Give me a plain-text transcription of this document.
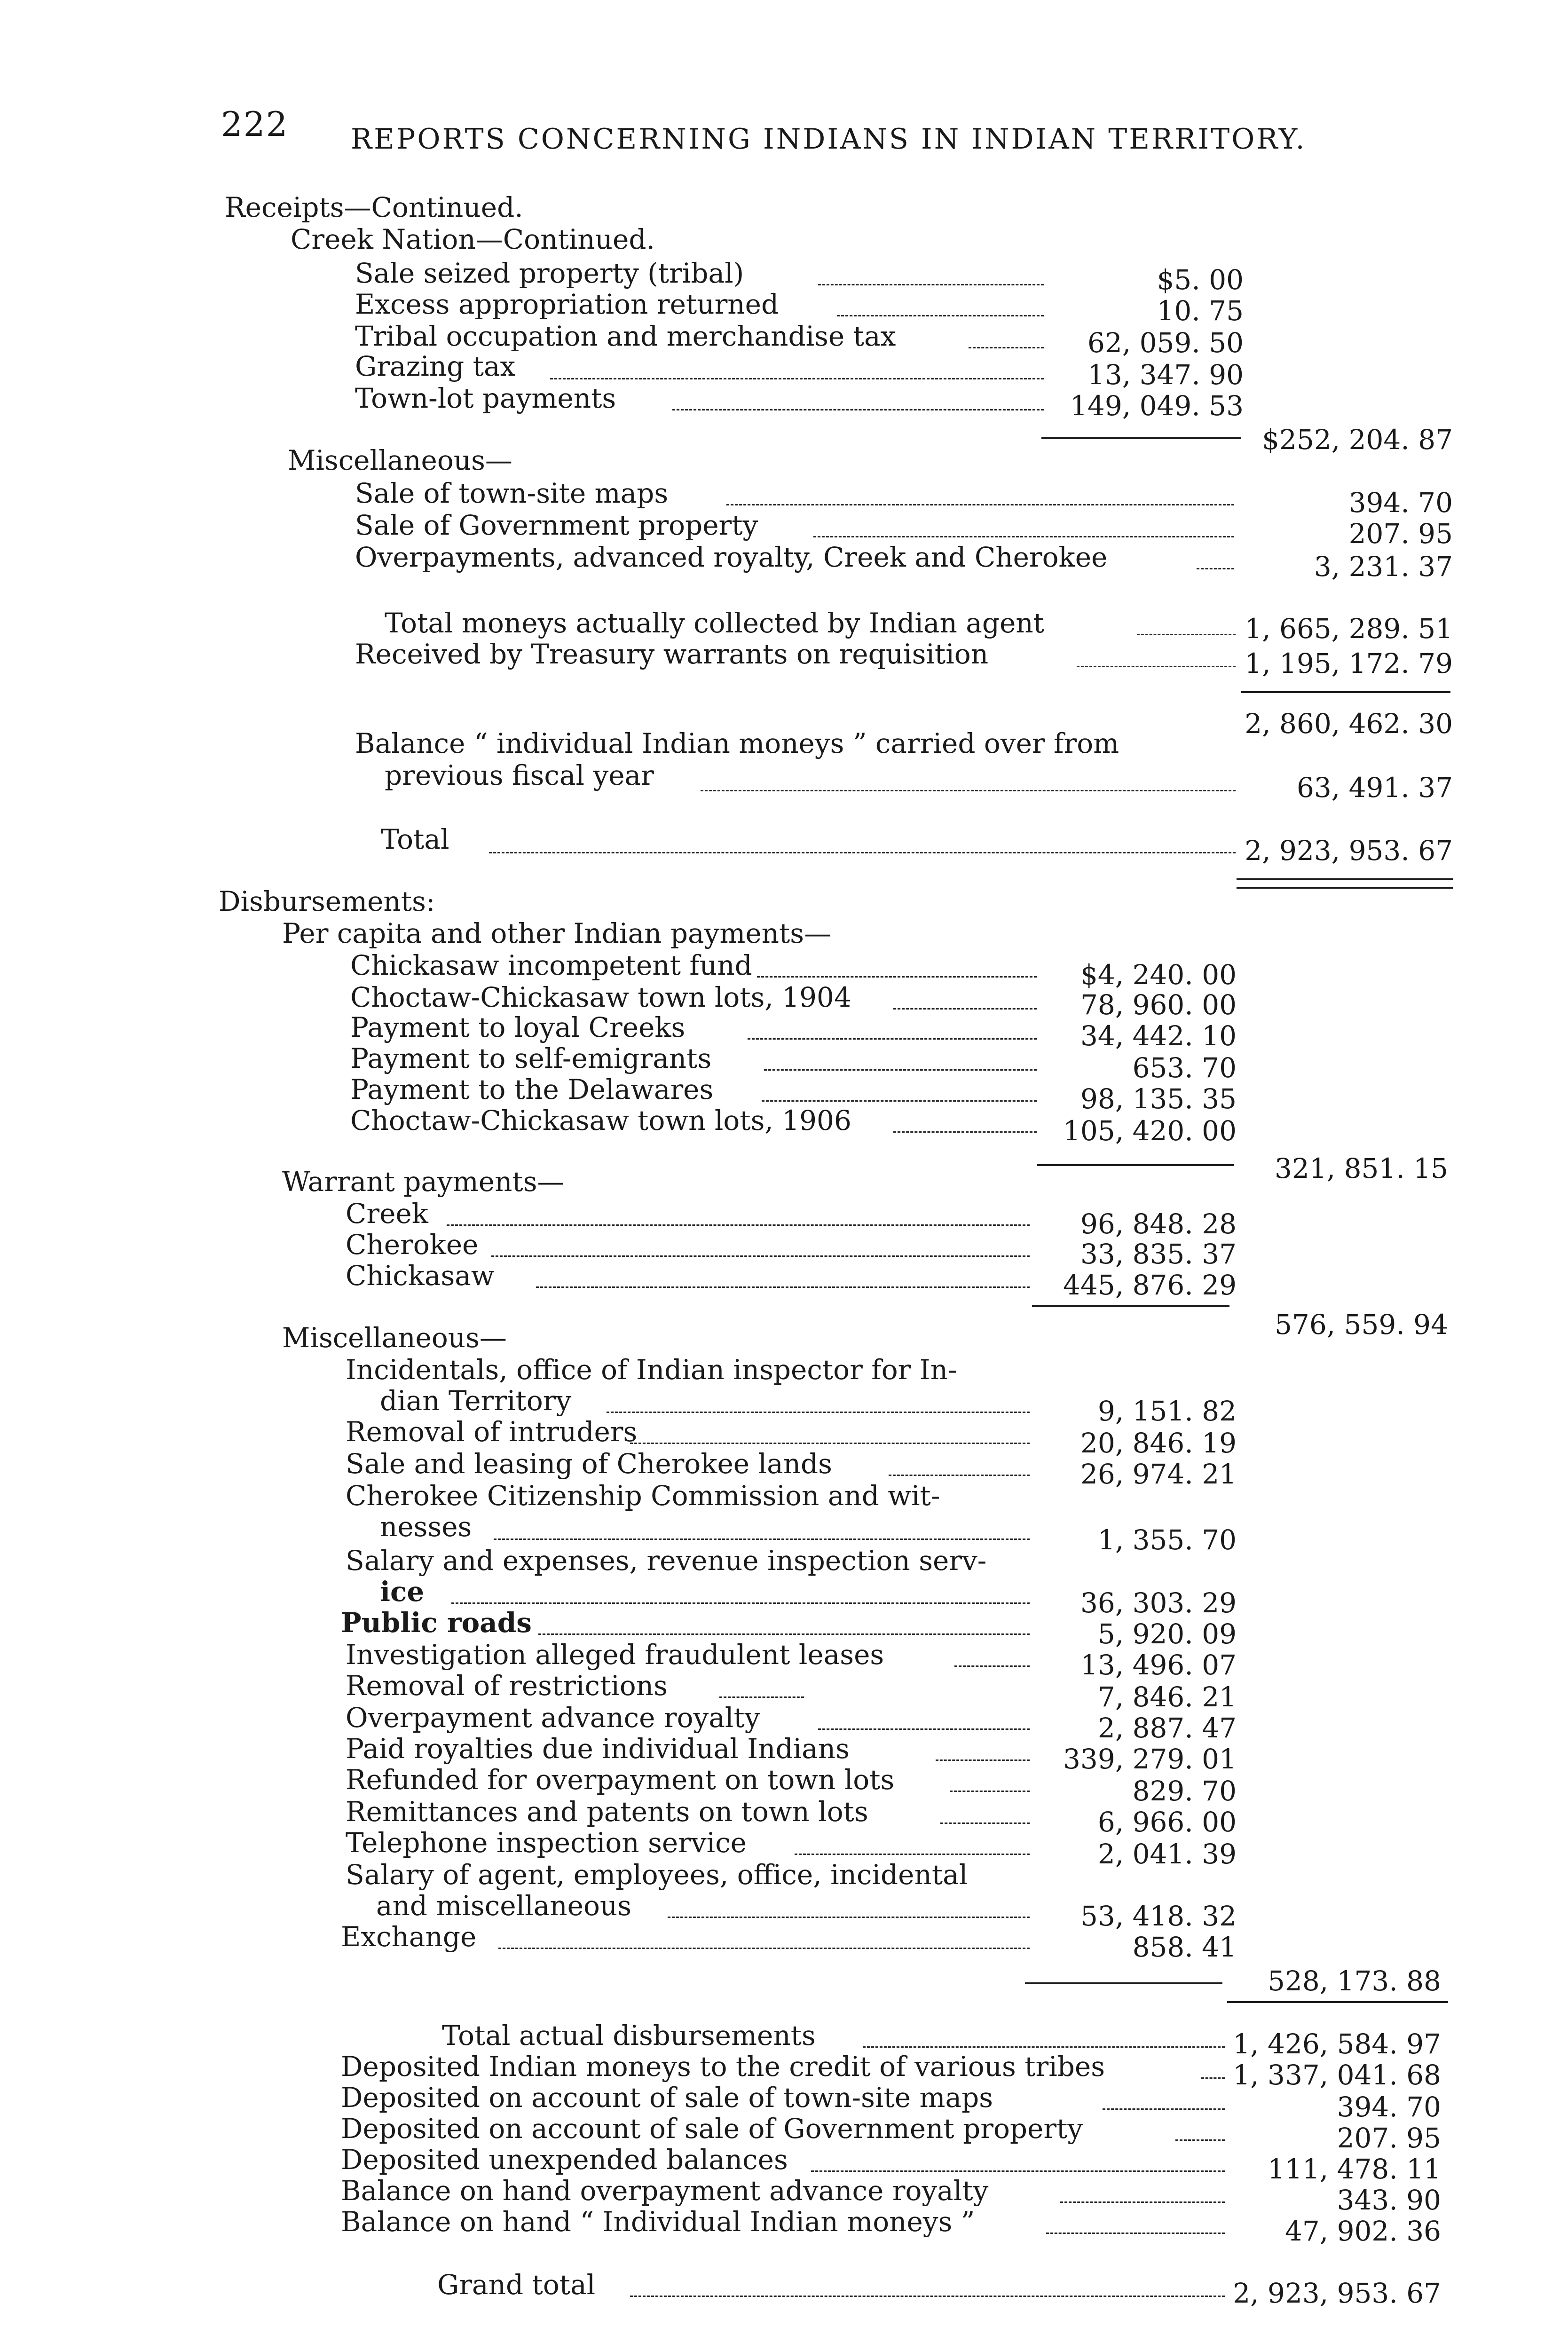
222 REPORTS CONCERNING INDIANS IN INDIAN TERRITORY.
Receipts—Continued.
Creek Nation—Continued.
Sale seized property (tribal)	$5. 00
Excess appropriation returned	10. 75
Tribal occupation and merchandise tax	62, 059. 50
Grazing tax	13, 347. 90
Town-lot payments	149, 049. 53
$252, 204. 87
Miscellaneous—
Sale of town-site maps	394. 70
Sale of Government property	207. 95
Overpayments, advanced royalty, Creek and Cherokee	3, 231. 37
Total moneys actually collected by Indian agent	1, 665, 289. 51
Received by Treasury warrants on requisition	1, 195, 172. 79
2, 860, 462. 30
Balance “ individual Indian moneys ” carried over from
previous fiscal year	63, 491. 37
Total	2, 923, 953. 67
Disbursements:
Per capita and other Indian payments—
Chickasaw incompetent fund	$4, 240. 00
Choctaw-Chickasaw town lots, 1904	78, 960. 00
Payment to loyal Creeks	34, 442. 10
Payment to self-emigrants	653. 70
Payment to the Delawares	98, 135. 35
Choctaw-Chickasaw town lots, 1906	105, 420. 00
321, 851. 15
Warrant payments—
Creek	96, 848. 28
Cherokee	33, 835. 37
Chickasaw	445, 876. 29
576, 559. 94
Miscellaneous—
Incidentals, office of Indian inspector for In-
dian Territory	9, 151. 82
Removal of intruders	20, 846. 19
Sale and leasing of Cherokee lands	26, 974. 21
Cherokee Citizenship Commission and wit-
nesses	1, 355. 70
Salary and expenses, revenue inspection serv-
ice	36, 303. 29
Public roads	5, 920. 09
Investigation alleged fraudulent leases	13, 496. 07
Removal of restrictions	7, 846. 21
Overpayment advance royalty	2, 887. 47
Paid royalties due individual Indians	339, 279. 01
Refunded for overpayment on town lots	829. 70
Remittances and patents on town lots	6, 966. 00
Telephone inspection service	2, 041. 39
Salary of agent, employees, office, incidental
and miscellaneous	53, 418. 32
Exchange	858. 41
528, 173. 88
Total actual disbursements	1, 426, 584. 97
Deposited Indian moneys to the credit of various tribes	1, 337, 041. 68
Deposited on account of sale of town-site maps	394. 70
Deposited on account of sale of Government property	207. 95
Deposited unexpended balances	111, 478. 11
Balance on hand overpayment advance royalty	343. 90
Balance on hand “ Individual Indian moneys ”	47, 902. 36
Grand total	2, 923, 953. 67
